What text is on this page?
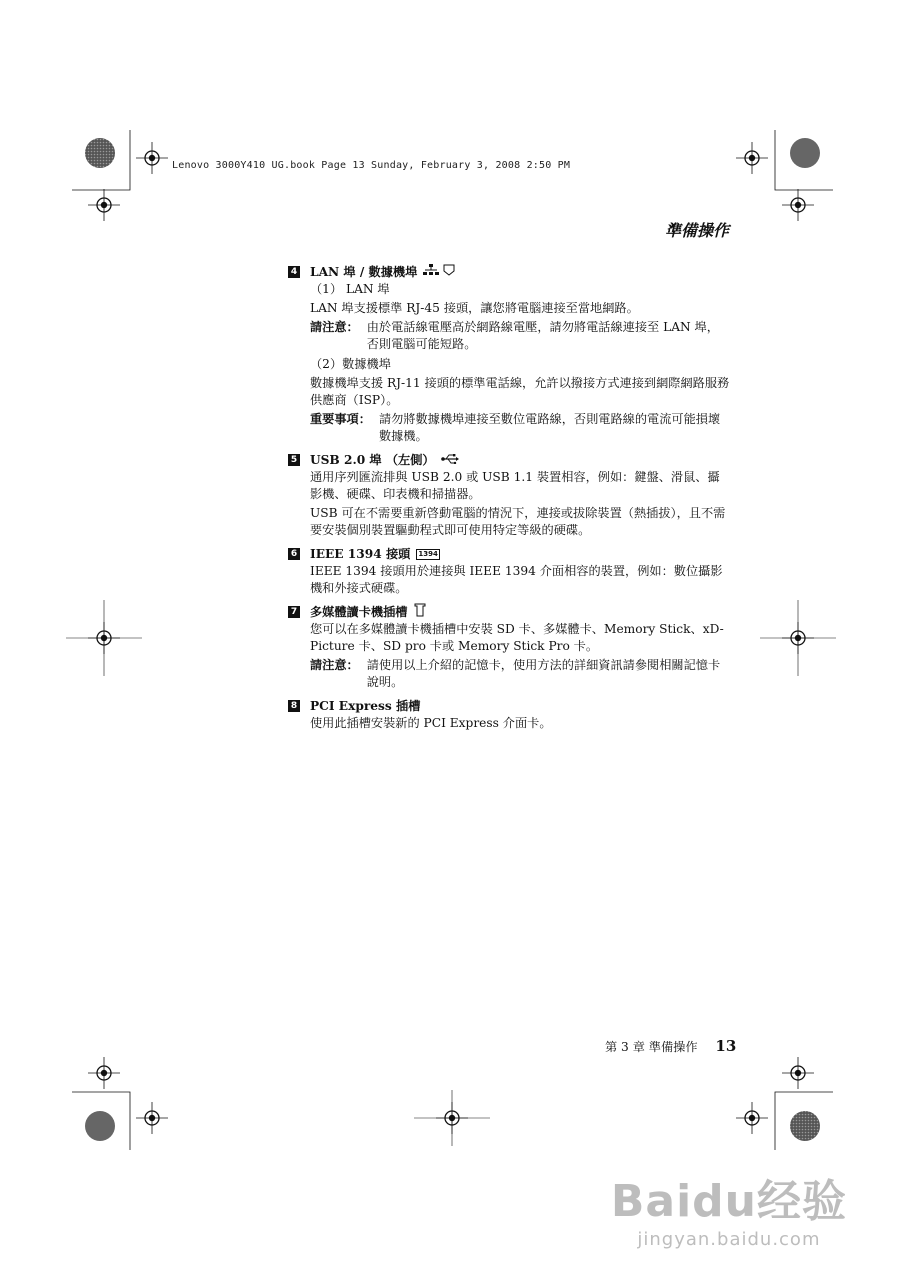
Lenovo 3000Y410 UG.book Page 13 Sunday, February 3, 2008 2:50 PM
準備操作
4 LAN 埠 / 數據機埠

（1） LAN 埠

LAN 埠支援標準 RJ-45 接頭，讓您將電腦連接至當地網路。

請注意： 由於電話線電壓高於網路線電壓，請勿將電話線連接至 LAN 埠，否則電腦可能短路。

（2）數據機埠

數據機埠支援 RJ-11 接頭的標準電話線，允許以撥接方式連接到網際網路服務供應商（ISP）。

重要事項： 請勿將數據機埠連接至數位電路線，否則電路線的電流可能損壞數據機。
5 USB 2.0 埠 （左側）

通用序列匯流排與 USB 2.0 或 USB 1.1 裝置相容，例如：鍵盤、滑鼠、攝影機、硬碟、印表機和掃描器。

USB 可在不需要重新啓動電腦的情況下，連接或拔除裝置（熱插拔），且不需要安裝個別裝置驅動程式即可使用特定等級的硬碟。

6 IEEE 1394 接頭 1394

IEEE 1394 接頭用於連接與 IEEE 1394 介面相容的裝置，例如：數位攝影機和外接式硬碟。

7 多媒體讀卡機插槽

您可以在多媒體讀卡機插槽中安裝 SD 卡、多媒體卡、Memory Stick、xD-Picture 卡、SD pro 卡或 Memory Stick Pro 卡。

請注意： 請使用以上介紹的記憶卡，使用方法的詳細資訊請參閱相關記憶卡說明。
8 PCI Express 插槽

使用此插槽安裝新的 PCI Express 介面卡。

第 3 章 準備操作 13
Baidu经验
jingyan.baidu.com
